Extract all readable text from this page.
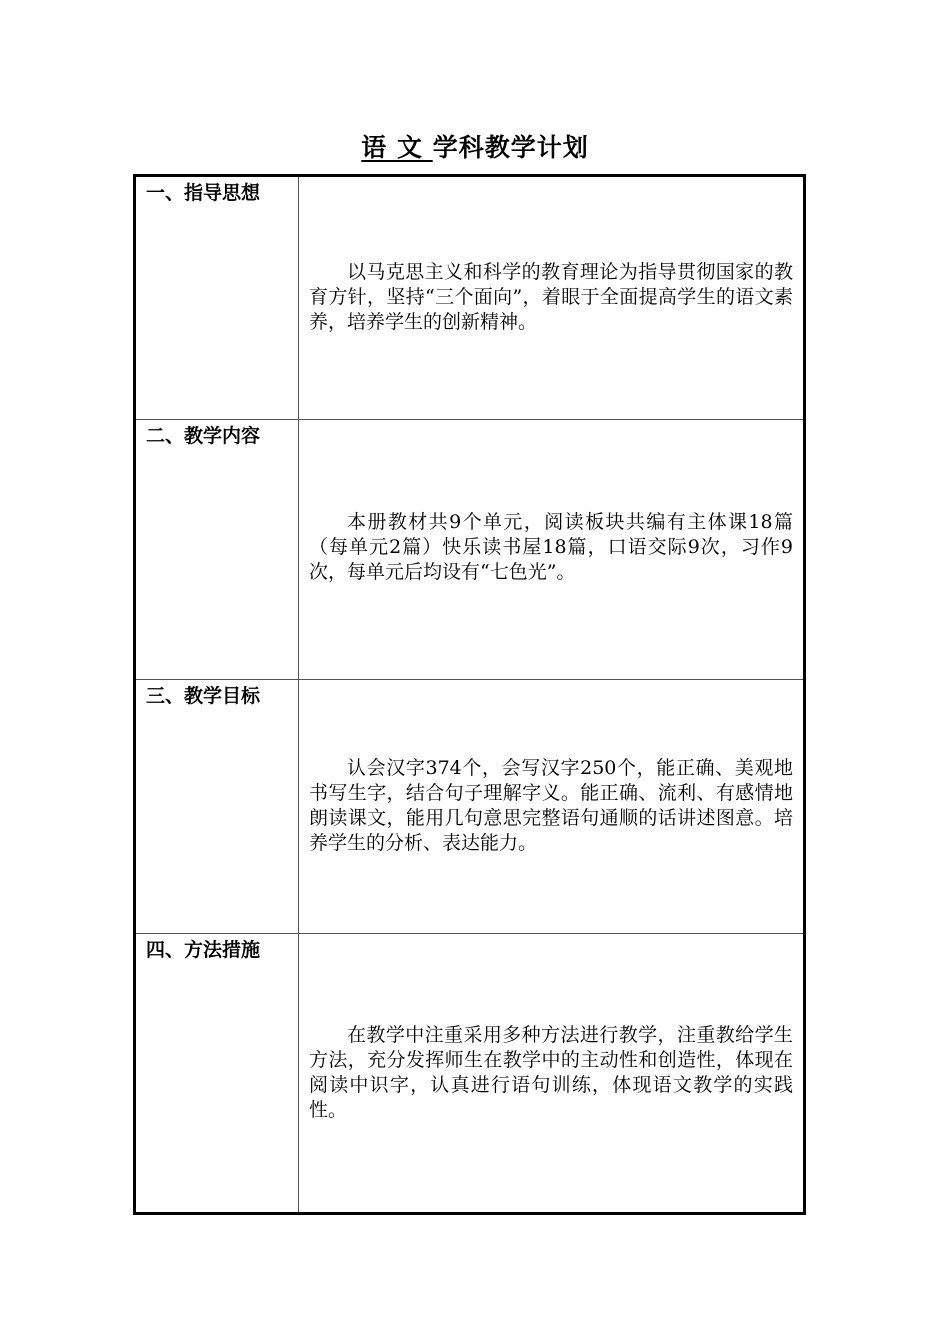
语 文 学科教学计划
一、指导思想	以马克思主义和科学的教育理论为指导贯彻国家的教育方针，坚持“三个面向”，着眼于全面提高学生的语文素养，培养学生的创新精神。

二、教学内容	本册教材共9个单元，阅读板块共编有主体课18篇（每单元2篇）快乐读书屋18篇，口语交际9次，习作9次，每单元后均设有“七色光”。

三、教学目标	认会汉字374个，会写汉字250个，能正确、美观地书写生字，结合句子理解字义。能正确、流利、有感情地朗读课文，能用几句意思完整语句通顺的话讲述图意。培养学生的分析、表达能力。

四、方法措施	在教学中注重采用多种方法进行教学，注重教给学生方法，充分发挥师生在教学中的主动性和创造性，体现在阅读中识字，认真进行语句训练，体现语文教学的实践性。
